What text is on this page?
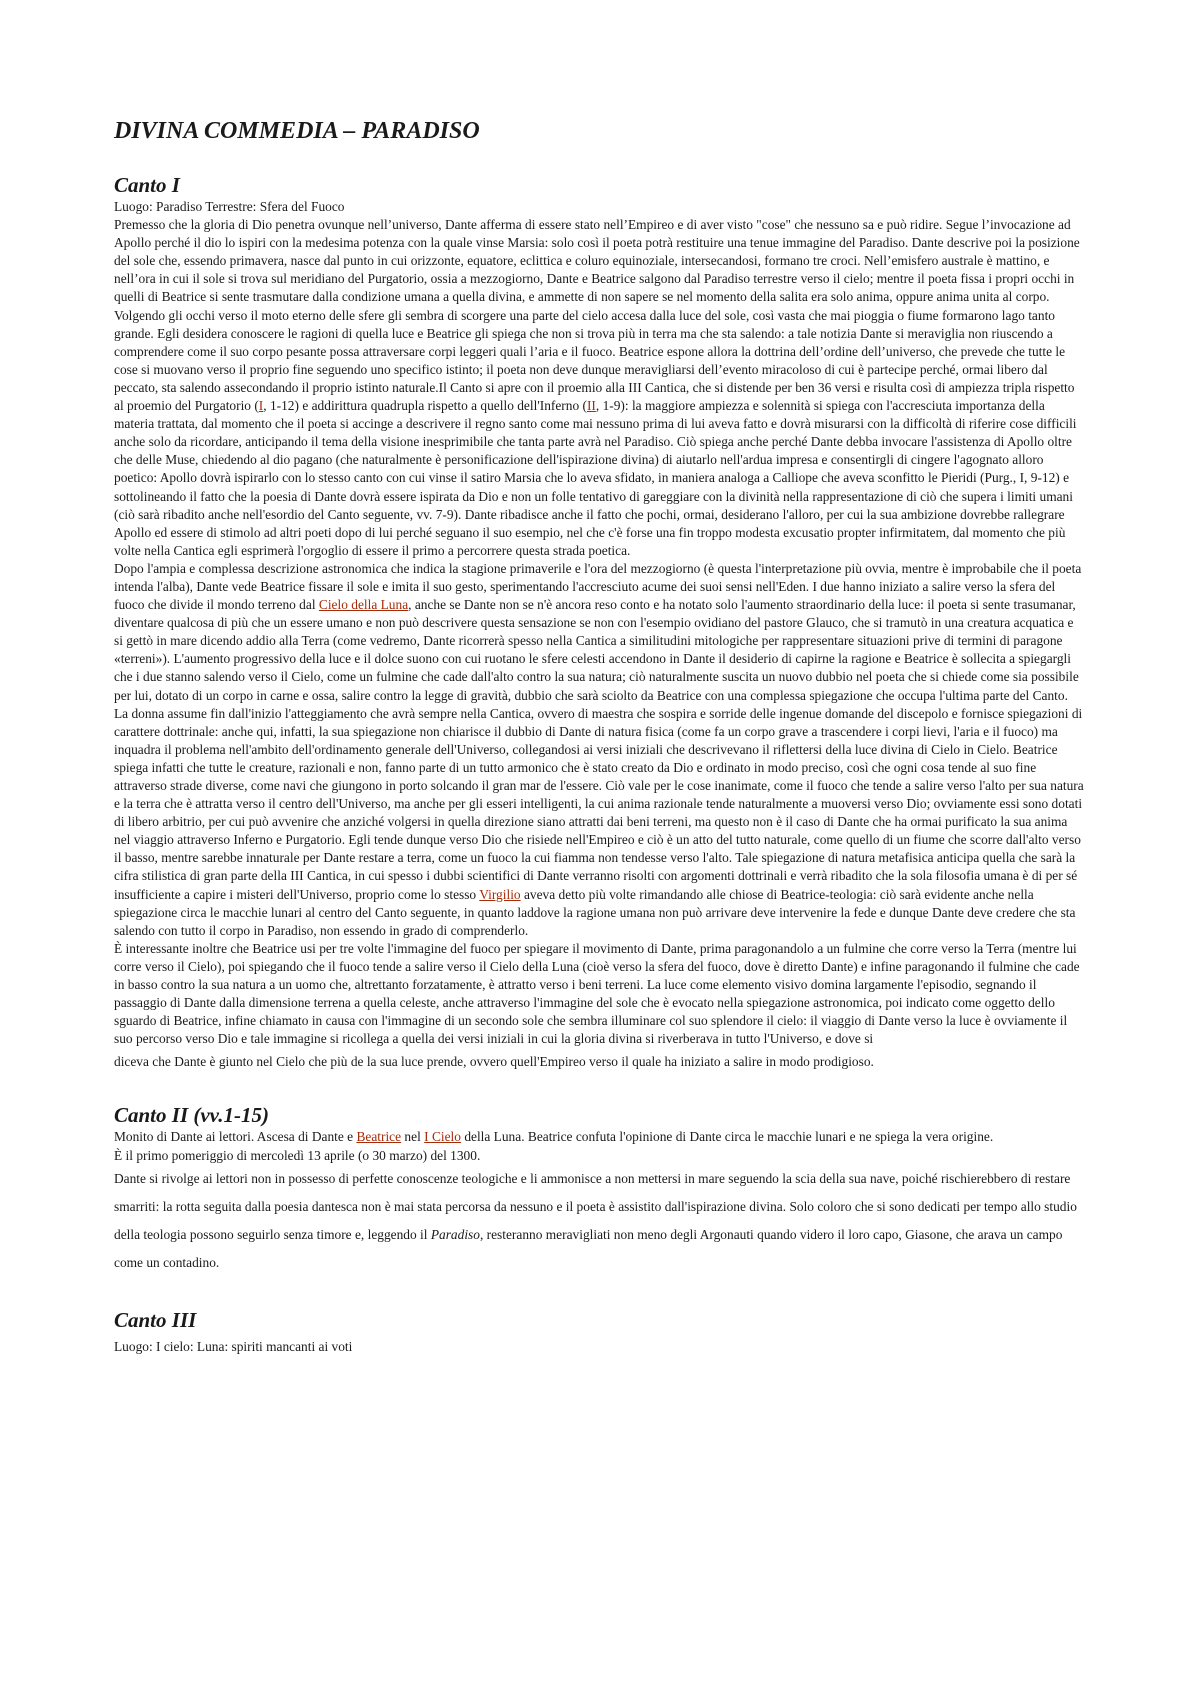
DIVINA COMMEDIA – PARADISO
Canto I

Luogo: Paradiso Terrestre: Sfera del Fuoco

Premesso che la gloria di Dio penetra ovunque nell’universo, Dante afferma di essere stato nell’Empireo e di aver visto "cose" che nessuno sa e può ridire. Segue l’invocazione ad Apollo perché il dio lo ispiri con la medesima potenza con la quale vinse Marsia: solo così il poeta potrà restituire una tenue immagine del Paradiso. Dante descrive poi la posizione del sole che, essendo primavera, nasce dal punto in cui orizzonte, equatore, eclittica e coluro equinoziale, intersecandosi, formano tre croci. Nell’emisfero australe è mattino, e nell’ora in cui il sole si trova sul meridiano del Purgatorio, ossia a mezzogiorno, Dante e Beatrice salgono dal Paradiso terrestre verso il cielo; mentre il poeta fissa i propri occhi in quelli di Beatrice si sente trasmutare dalla condizione umana a quella divina, e ammette di non sapere se nel momento della salita era solo anima, oppure anima unita al corpo. Volgendo gli occhi verso il moto eterno delle sfere gli sembra di scorgere una parte del cielo accesa dalla luce del sole, così vasta che mai pioggia o fiume formarono lago tanto grande. Egli desidera conoscere le ragioni di quella luce e Beatrice gli spiega che non si trova più in terra ma che sta salendo: a tale notizia Dante si meraviglia non riuscendo a comprendere come il suo corpo pesante possa attraversare corpi leggeri quali l’aria e il fuoco. Beatrice espone allora la dottrina dell’ordine dell’universo, che prevede che tutte le cose si muovano verso il proprio fine seguendo uno specifico istinto; il poeta non deve dunque meravigliarsi dell’evento miracoloso di cui è partecipe perché, ormai libero dal peccato, sta salendo assecondando il proprio istinto naturale.Il Canto si apre con il proemio alla III Cantica, che si distende per ben 36 versi e risulta così di ampiezza tripla rispetto al proemio del Purgatorio (I, 1-12) e addirittura quadrupla rispetto a quello dell'Inferno (II, 1-9): la maggiore ampiezza e solennità si spiega con l'accresciuta importanza della materia trattata, dal momento che il poeta si accinge a descrivere il regno santo come mai nessuno prima di lui aveva fatto e dovrà misurarsi con la difficoltà di riferire cose difficili anche solo da ricordare, anticipando il tema della visione inesprimibile che tanta parte avrà nel Paradiso. Ciò spiega anche perché Dante debba invocare l'assistenza di Apollo oltre che delle Muse, chiedendo al dio pagano (che naturalmente è personificazione dell'ispirazione divina) di aiutarlo nell'ardua impresa e consentirgli di cingere l'agognato alloro poetico: Apollo dovrà ispirarlo con lo stesso canto con cui vinse il satiro Marsia che lo aveva sfidato, in maniera analoga a Calliope che aveva sconfitto le Pieridi (Purg., I, 9-12) e sottolineando il fatto che la poesia di Dante dovrà essere ispirata da Dio e non un folle tentativo di gareggiare con la divinità nella rappresentazione di ciò che supera i limiti umani (ciò sarà ribadito anche nell'esordio del Canto seguente, vv. 7-9). Dante ribadisce anche il fatto che pochi, ormai, desiderano l'alloro, per cui la sua ambizione dovrebbe rallegrare Apollo ed essere di stimolo ad altri poeti dopo di lui perché seguano il suo esempio, nel che c'è forse una fin troppo modesta excusatio propter infirmitatem, dal momento che più volte nella Cantica egli esprimerà l'orgoglio di essere il primo a percorrere questa strada poetica.

Dopo l'ampia e complessa descrizione astronomica che indica la stagione primaverile e l'ora del mezzogiorno (è questa l'interpretazione più ovvia, mentre è improbabile che il poeta intenda l'alba), Dante vede Beatrice fissare il sole e imita il suo gesto, sperimentando l'accresciuto acume dei suoi sensi nell'Eden. I due hanno iniziato a salire verso la sfera del fuoco che divide il mondo terreno dal Cielo della Luna, anche se Dante non se n'è ancora reso conto e ha notato solo l'aumento straordinario della luce: il poeta si sente trasumanar, diventare qualcosa di più che un essere umano e non può descrivere questa sensazione se non con l'esempio ovidiano del pastore Glauco, che si tramutò in una creatura acquatica e si gettò in mare dicendo addio alla Terra (come vedremo, Dante ricorrerà spesso nella Cantica a similitudini mitologiche per rappresentare situazioni prive di termini di paragone «terreni»). L'aumento progressivo della luce e il dolce suono con cui ruotano le sfere celesti accendono in Dante il desiderio di capirne la ragione e Beatrice è sollecita a spiegargli che i due stanno salendo verso il Cielo, come un fulmine che cade dall'alto contro la sua natura; ciò naturalmente suscita un nuovo dubbio nel poeta che si chiede come sia possibile per lui, dotato di un corpo in carne e ossa, salire contro la legge di gravità, dubbio che sarà sciolto da Beatrice con una complessa spiegazione che occupa l'ultima parte del Canto. La donna assume fin dall'inizio l'atteggiamento che avrà sempre nella Cantica, ovvero di maestra che sospira e sorride delle ingenue domande del discepolo e fornisce spiegazioni di carattere dottrinale: anche qui, infatti, la sua spiegazione non chiarisce il dubbio di Dante di natura fisica (come fa un corpo grave a trascendere i corpi lievi, l'aria e il fuoco) ma inquadra il problema nell'ambito dell'ordinamento generale dell'Universo, collegandosi ai versi iniziali che descrivevano il riflettersi della luce divina di Cielo in Cielo. Beatrice spiega infatti che tutte le creature, razionali e non, fanno parte di un tutto armonico che è stato creato da Dio e ordinato in modo preciso, così che ogni cosa tende al suo fine attraverso strade diverse, come navi che giungono in porto solcando il gran mar de l'essere. Ciò vale per le cose inanimate, come il fuoco che tende a salire verso l'alto per sua natura e la terra che è attratta verso il centro dell'Universo, ma anche per gli esseri intelligenti, la cui anima razionale tende naturalmente a muoversi verso Dio; ovviamente essi sono dotati di libero arbitrio, per cui può avvenire che anziché volgersi in quella direzione siano attratti dai beni terreni, ma questo non è il caso di Dante che ha ormai purificato la sua anima nel viaggio attraverso Inferno e Purgatorio. Egli tende dunque verso Dio che risiede nell'Empireo e ciò è un atto del tutto naturale, come quello di un fiume che scorre dall'alto verso il basso, mentre sarebbe innaturale per Dante restare a terra, come un fuoco la cui fiamma non tendesse verso l'alto. Tale spiegazione di natura metafisica anticipa quella che sarà la cifra stilistica di gran parte della III Cantica, in cui spesso i dubbi scientifici di Dante verranno risolti con argomenti dottrinali e verrà ribadito che la sola filosofia umana è di per sé insufficiente a capire i misteri dell'Universo, proprio come lo stesso Virgilio aveva detto più volte rimandando alle chiose di Beatrice-teologia: ciò sarà evidente anche nella spiegazione circa le macchie lunari al centro del Canto seguente, in quanto laddove la ragione umana non può arrivare deve intervenire la fede e dunque Dante deve credere che sta salendo con tutto il corpo in Paradiso, non essendo in grado di comprenderlo.

È interessante inoltre che Beatrice usi per tre volte l'immagine del fuoco per spiegare il movimento di Dante, prima paragonandolo a un fulmine che corre verso la Terra (mentre lui corre verso il Cielo), poi spiegando che il fuoco tende a salire verso il Cielo della Luna (cioè verso la sfera del fuoco, dove è diretto Dante) e infine paragonando il fulmine che cade in basso contro la sua natura a un uomo che, altrettanto forzatamente, è attratto verso i beni terreni. La luce come elemento visivo domina largamente l'episodio, segnando il passaggio di Dante dalla dimensione terrena a quella celeste, anche attraverso l'immagine del sole che è evocato nella spiegazione astronomica, poi indicato come oggetto dello sguardo di Beatrice, infine chiamato in causa con l'immagine di un secondo sole che sembra illuminare col suo splendore il cielo: il viaggio di Dante verso la luce è ovviamente il suo percorso verso Dio e tale immagine si ricollega a quella dei versi iniziali in cui la gloria divina si riverberava in tutto l'Universo, e dove si

diceva che Dante è giunto nel Cielo che più de la sua luce prende, ovvero quell'Empireo verso il quale ha iniziato a salire in modo prodigioso.

Canto II (vv.1-15)

Monito di Dante ai lettori. Ascesa di Dante e Beatrice nel I Cielo della Luna. Beatrice confuta l'opinione di Dante circa le macchie lunari e ne spiega la vera origine.

È il primo pomeriggio di mercoledì 13 aprile (o 30 marzo) del 1300.

Dante si rivolge ai lettori non in possesso di perfette conoscenze teologiche e li ammonisce a non mettersi in mare seguendo la scia della sua nave, poiché rischierebbero di restare smarriti: la rotta seguita dalla poesia dantesca non è mai stata percorsa da nessuno e il poeta è assistito dall'ispirazione divina. Solo coloro che si sono dedicati per tempo allo studio della teologia possono seguirlo senza timore e, leggendo il Paradiso, resteranno meravigliati non meno degli Argonauti quando videro il loro capo, Giasone, che arava un campo come un contadino.

Canto III

Luogo: I cielo: Luna: spiriti mancanti ai voti
